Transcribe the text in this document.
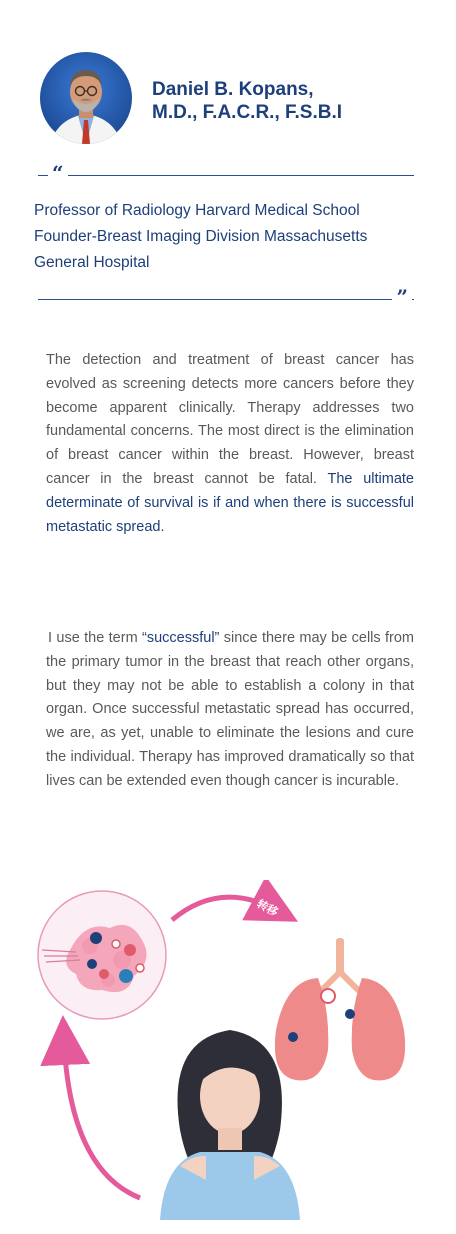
Daniel B. Kopans,
M.D., F.A.C.R., F.S.B.I
“
Professor of Radiology Harvard Medical School
Founder-Breast Imaging Division Massachusetts
General Hospital
”

The detection and treatment of breast cancer has evolved as screening detects more cancers before they become apparent clinically. Therapy addresses two fundamental concerns. The most direct is the elimination of breast cancer within the breast. However, breast cancer in the breast cannot be fatal. The ultimate determinate of survival is if and when there is successful metastatic spread.

I use the term “successful” since there may be cells from the primary tumor in the breast that reach other organs, but they may not be able to establish a colony in that organ. Once successful metastatic spread has occurred, we are, as yet, unable to eliminate the lesions and cure the individual. Therapy has improved dramatically so that lives can be extended even though cancer is incurable.

转移
